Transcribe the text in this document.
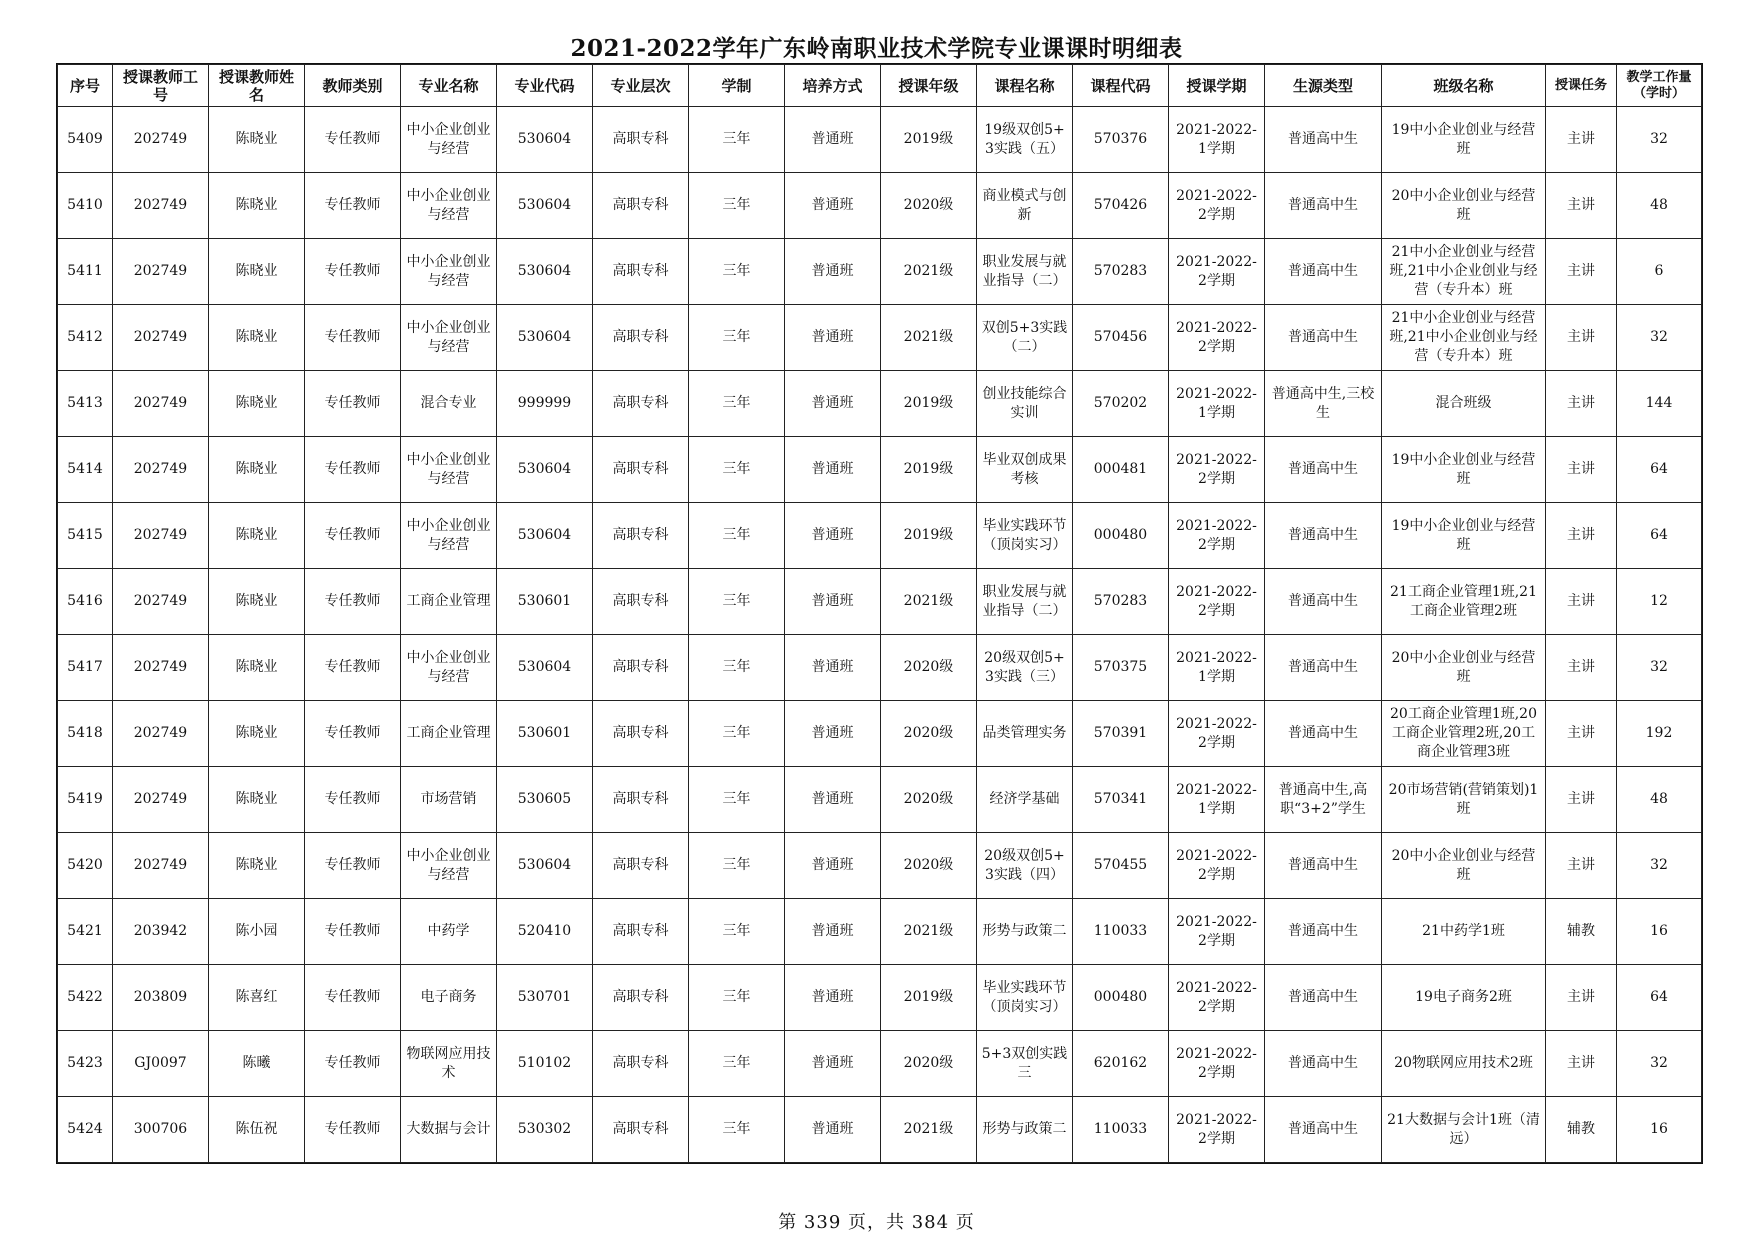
2021-2022学年广东岭南职业技术学院专业课课时明细表
序号	授课教师工号	授课教师姓名	教师类别	专业名称	专业代码	专业层次	学制	培养方式	授课年级	课程名称	课程代码	授课学期	生源类型	班级名称	授课任务	教学工作量（学时）
5409	202749	陈晓业	专任教师	中小企业创业与经营	530604	高职专科	三年	普通班	2019级	19级双创5+3实践（五）	570376	2021-2022-1学期	普通高中生	19中小企业创业与经营班	主讲	32
5410	202749	陈晓业	专任教师	中小企业创业与经营	530604	高职专科	三年	普通班	2020级	商业模式与创新	570426	2021-2022-2学期	普通高中生	20中小企业创业与经营班	主讲	48
5411	202749	陈晓业	专任教师	中小企业创业与经营	530604	高职专科	三年	普通班	2021级	职业发展与就业指导（二）	570283	2021-2022-2学期	普通高中生	21中小企业创业与经营班,21中小企业创业与经营（专升本）班	主讲	6
5412	202749	陈晓业	专任教师	中小企业创业与经营	530604	高职专科	三年	普通班	2021级	双创5+3实践（二）	570456	2021-2022-2学期	普通高中生	21中小企业创业与经营班,21中小企业创业与经营（专升本）班	主讲	32
5413	202749	陈晓业	专任教师	混合专业	999999	高职专科	三年	普通班	2019级	创业技能综合实训	570202	2021-2022-1学期	普通高中生,三校生	混合班级	主讲	144
5414	202749	陈晓业	专任教师	中小企业创业与经营	530604	高职专科	三年	普通班	2019级	毕业双创成果考核	000481	2021-2022-2学期	普通高中生	19中小企业创业与经营班	主讲	64
5415	202749	陈晓业	专任教师	中小企业创业与经营	530604	高职专科	三年	普通班	2019级	毕业实践环节（顶岗实习）	000480	2021-2022-2学期	普通高中生	19中小企业创业与经营班	主讲	64
5416	202749	陈晓业	专任教师	工商企业管理	530601	高职专科	三年	普通班	2021级	职业发展与就业指导（二）	570283	2021-2022-2学期	普通高中生	21工商企业管理1班,21工商企业管理2班	主讲	12
5417	202749	陈晓业	专任教师	中小企业创业与经营	530604	高职专科	三年	普通班	2020级	20级双创5+3实践（三）	570375	2021-2022-1学期	普通高中生	20中小企业创业与经营班	主讲	32
5418	202749	陈晓业	专任教师	工商企业管理	530601	高职专科	三年	普通班	2020级	品类管理实务	570391	2021-2022-2学期	普通高中生	20工商企业管理1班,20工商企业管理2班,20工商企业管理3班	主讲	192
5419	202749	陈晓业	专任教师	市场营销	530605	高职专科	三年	普通班	2020级	经济学基础	570341	2021-2022-1学期	普通高中生,高职“3+2”学生	20市场营销(营销策划)1班	主讲	48
5420	202749	陈晓业	专任教师	中小企业创业与经营	530604	高职专科	三年	普通班	2020级	20级双创5+3实践（四）	570455	2021-2022-2学期	普通高中生	20中小企业创业与经营班	主讲	32
5421	203942	陈小园	专任教师	中药学	520410	高职专科	三年	普通班	2021级	形势与政策二	110033	2021-2022-2学期	普通高中生	21中药学1班	辅教	16
5422	203809	陈喜红	专任教师	电子商务	530701	高职专科	三年	普通班	2019级	毕业实践环节（顶岗实习）	000480	2021-2022-2学期	普通高中生	19电子商务2班	主讲	64
5423	GJ0097	陈曦	专任教师	物联网应用技术	510102	高职专科	三年	普通班	2020级	5+3双创实践三	620162	2021-2022-2学期	普通高中生	20物联网应用技术2班	主讲	32
5424	300706	陈伍祝	专任教师	大数据与会计	530302	高职专科	三年	普通班	2021级	形势与政策二	110033	2021-2022-2学期	普通高中生	21大数据与会计1班（清远）	辅教	16
第 339 页，共 384 页
